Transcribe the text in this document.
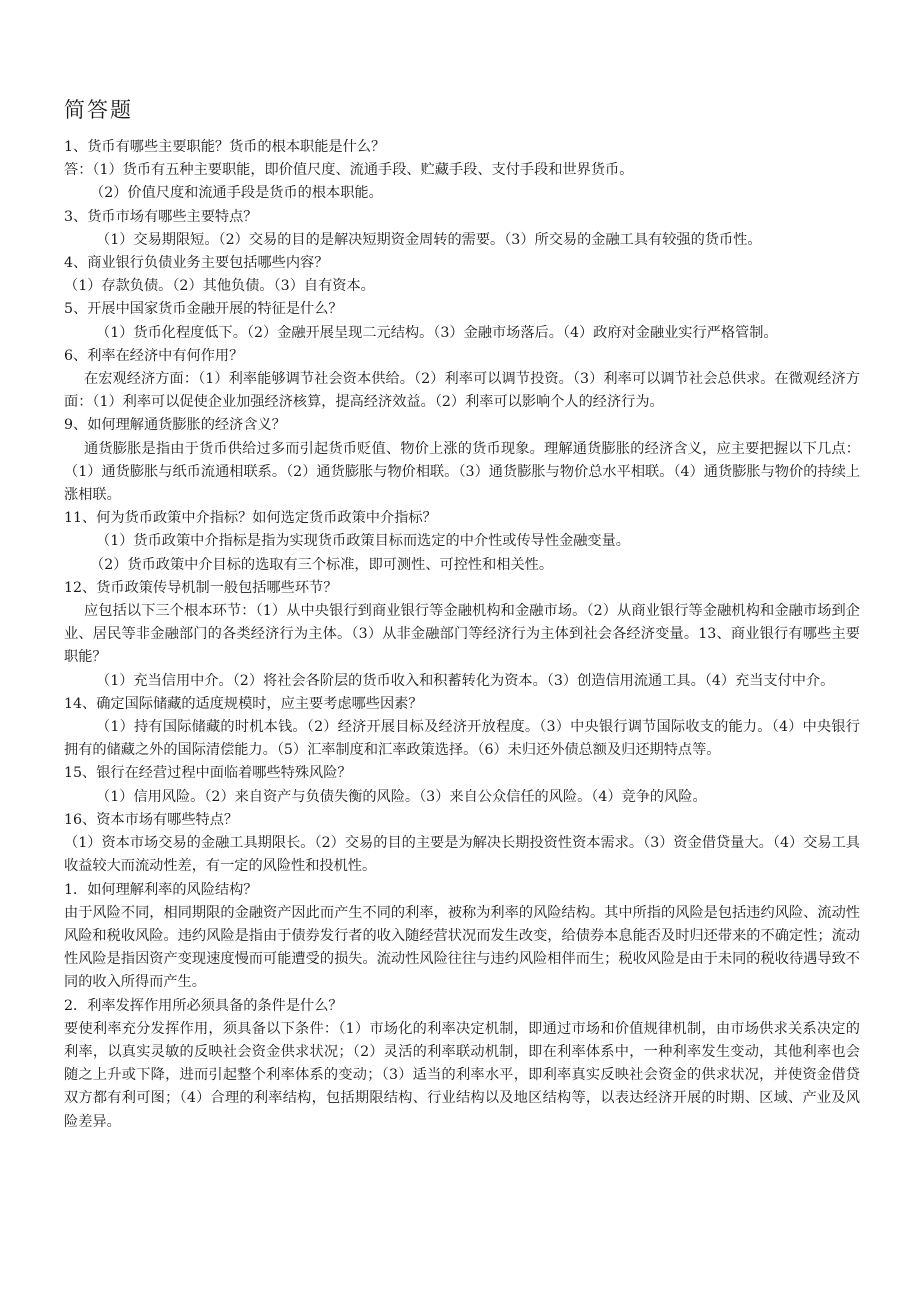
简答题
1、货币有哪些主要职能？货币的根本职能是什么？
答：（1）货币有五种主要职能，即价值尺度、流通手段、贮藏手段、支付手段和世界货币。
（2）价值尺度和流通手段是货币的根本职能。
3、货币市场有哪些主要特点？
（1）交易期限短。（2）交易的目的是解决短期资金周转的需要。（3）所交易的金融工具有较强的货币性。
4、商业银行负债业务主要包括哪些内容？
（1）存款负债。（2）其他负债。（3）自有资本。
5、开展中国家货币金融开展的特征是什么？
（1）货币化程度低下。（2）金融开展呈现二元结构。（3）金融市场落后。（4）政府对金融业实行严格管制。
6、利率在经济中有何作用？
在宏观经济方面：（1）利率能够调节社会资本供给。（2）利率可以调节投资。（3）利率可以调节社会总供求。在微观经济方面：（1）利率可以促使企业加强经济核算，提高经济效益。（2）利率可以影响个人的经济行为。
9、如何理解通货膨胀的经济含义？
通货膨胀是指由于货币供给过多而引起货币贬值、物价上涨的货币现象。理解通货膨胀的经济含义，应主要把握以下几点：（1）通货膨胀与纸币流通相联系。（2）通货膨胀与物价相联。（3）通货膨胀与物价总水平相联。（4）通货膨胀与物价的持续上涨相联。
11、何为货币政策中介指标？如何选定货币政策中介指标？
（1）货币政策中介指标是指为实现货币政策目标而选定的中介性或传导性金融变量。
（2）货币政策中介目标的选取有三个标准，即可测性、可控性和相关性。
12、货币政策传导机制一般包括哪些环节？
应包括以下三个根本环节：（1）从中央银行到商业银行等金融机构和金融市场。（2）从商业银行等金融机构和金融市场到企业、居民等非金融部门的各类经济行为主体。（3）从非金融部门等经济行为主体到社会各经济变量。13、商业银行有哪些主要职能？
（1）充当信用中介。（2）将社会各阶层的货币收入和积蓄转化为资本。（3）创造信用流通工具。（4）充当支付中介。
14、确定国际储藏的适度规模时，应主要考虑哪些因素？
（1）持有国际储藏的时机本钱。（2）经济开展目标及经济开放程度。（3）中央银行调节国际收支的能力。（4）中央银行拥有的储藏之外的国际清偿能力。（5）汇率制度和汇率政策选择。（6）未归还外债总额及归还期特点等。
15、银行在经营过程中面临着哪些特殊风险？
（1）信用风险。（2）来自资产与负债失衡的风险。（3）来自公众信任的风险。（4）竞争的风险。
16、资本市场有哪些特点？
（1）资本市场交易的金融工具期限长。（2）交易的目的主要是为解决长期投资性资本需求。（3）资金借贷量大。（4）交易工具收益较大而流动性差，有一定的风险性和投机性。
1．如何理解利率的风险结构？
由于风险不同，相同期限的金融资产因此而产生不同的利率，被称为利率的风险结构。其中所指的风险是包括违约风险、流动性风险和税收风险。违约风险是指由于债券发行者的收入随经营状况而发生改变，给债券本息能否及时归还带来的不确定性；流动性风险是指因资产变现速度慢而可能遭受的损失。流动性风险往往与违约风险相伴而生；税收风险是由于未同的税收待遇导致不同的收入所得而产生。
2．利率发挥作用所必须具备的条件是什么？
要使利率充分发挥作用，须具备以下条件：（1）市场化的利率决定机制，即通过市场和价值规律机制，由市场供求关系决定的利率，以真实灵敏的反映社会资金供求状况；（2）灵活的利率联动机制，即在利率体系中，一种利率发生变动，其他利率也会随之上升或下降，进而引起整个利率体系的变动；（3）适当的利率水平，即利率真实反映社会资金的供求状况，并使资金借贷双方都有利可图；（4）合理的利率结构，包括期限结构、行业结构以及地区结构等，以表达经济开展的时期、区域、产业及风险差异。
